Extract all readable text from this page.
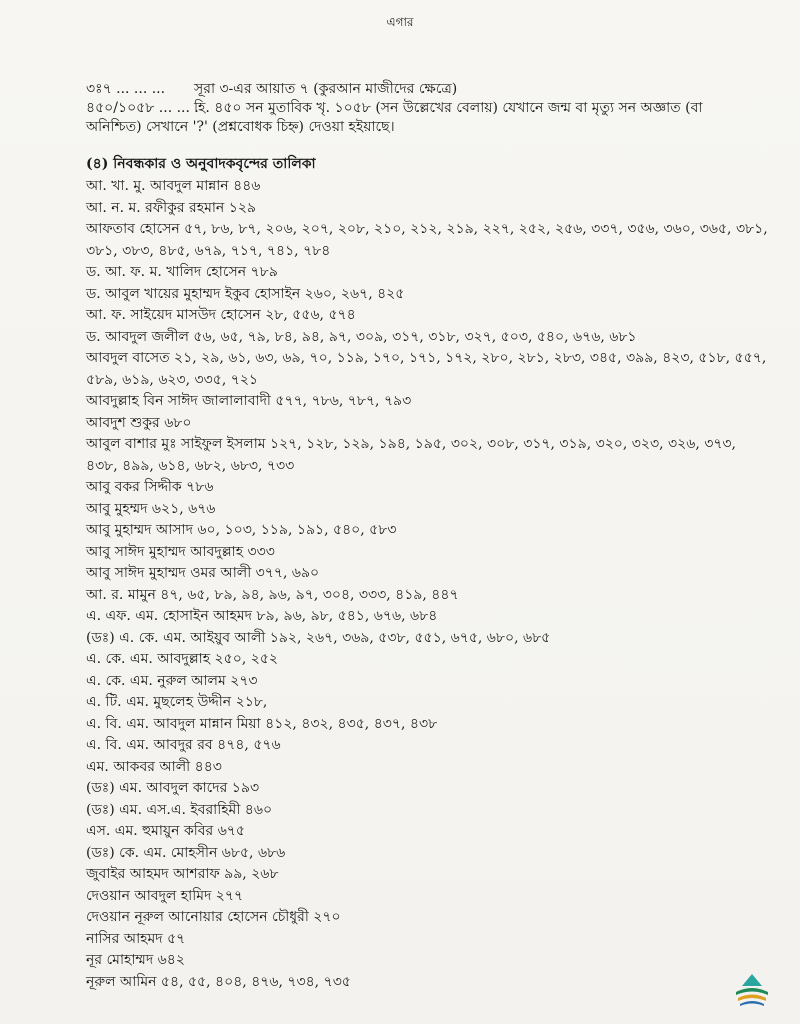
এগার
৩ঃ৭ ... ... ...	সূরা ৩-এর আয়াত ৭ (কুরআন মাজীদের ক্ষেত্রে)
৪৫০/১০৫৮ ... ... .
হি. ৪৫০ সন মুতাবিক খৃ. ১০৫৮ (সন উল্লেখের বেলায়) যেখানে জন্ম বা মৃত্যু সন অজ্ঞাত (বা
অনিশ্চিত) সেখানে '?' (প্রশ্নবোধক চিহ্ন) দেওয়া হইয়াছে।
(৪) নিবন্ধকার ও অনুবাদকবৃন্দের তালিকা
আ. খা. মু. আবদুল মান্নান ৪৪৬
আ. ন. ম. রফীকুর রহমান ১২৯
আফতাব হোসেন ৫৭, ৮৬, ৮৭, ২০৬, ২০৭, ২০৮, ২১০, ২১২, ২১৯, ২২৭, ২৫২, ২৫৬, ৩৩৭, ৩৫৬, ৩৬০, ৩৬৫, ৩৮১,
৩৮১, ৩৮৩, ৪৮৫, ৬৭৯, ৭১৭, ৭৪১, ৭৮৪
ড. আ. ফ. ম. খালিদ হোসেন ৭৮৯
ড. আবুল খায়ের মুহাম্মদ ইকুব হোসাইন ২৬০, ২৬৭, ৪২৫
আ. ফ. সাইয়েদ মাসউদ হোসেন ২৮, ৫৫৬, ৫৭৪
ড. আবদুল জলীল ৫৬, ৬৫, ৭৯, ৮৪, ৯৪, ৯৭, ৩০৯, ৩১৭, ৩১৮, ৩২৭, ৫০৩, ৫৪০, ৬৭৬, ৬৮১
আবদুল বাসেত ২১, ২৯, ৬১, ৬৩, ৬৯, ৭০, ১১৯, ১৭০, ১৭১, ১৭২, ২৮০, ২৮১, ২৮৩, ৩৪৫, ৩৯৯, ৪২৩, ৫১৮, ৫৫৭,
৫৮৯, ৬১৯, ৬২৩, ৩৩৫, ৭২১
আবদুল্লাহ বিন সাঈদ জালালাবাদী ৫৭৭, ৭৮৬, ৭৮৭, ৭৯৩
আবদুশ শুকুর ৬৮০
আবুল বাশার মুঃ সাইফুল ইসলাম ১২৭, ১২৮, ১২৯, ১৯৪, ১৯৫, ৩০২, ৩০৮, ৩১৭, ৩১৯, ৩২০, ৩২৩, ৩২৬, ৩৭৩,
৪৩৮, ৪৯৯, ৬১৪, ৬৮২, ৬৮৩, ৭৩৩
আবু বকর সিদ্দীক ৭৮৬
আবু মুহম্মদ ৬২১, ৬৭৬
আবু মুহাম্মদ আসাদ ৬০, ১০৩, ১১৯, ১৯১, ৫৪০, ৫৮৩
আবু সাঈদ মুহাম্মদ আবদুল্লাহ ৩৩৩
আবু সাঈদ মুহাম্মদ ওমর আলী ৩৭৭, ৬৯০
আ. র. মামুন ৪৭, ৬৫, ৮৯, ৯৪, ৯৬, ৯৭, ৩০৪, ৩৩৩, ৪১৯, ৪৪৭
এ. এফ. এম. হোসাইন আহমদ ৮৯, ৯৬, ৯৮, ৫৪১, ৬৭৬, ৬৮৪
(ডঃ) এ. কে. এম. আইয়ুব আলী ১৯২, ২৬৭, ৩৬৯, ৫৩৮, ৫৫১, ৬৭৫, ৬৮০, ৬৮৫
এ. কে. এম. আবদুল্লাহ ২৫০, ২৫২
এ. কে. এম. নুরুল আলম ২৭৩
এ. টি. এম. মুছলেহ উদ্দীন ২১৮,
এ. বি. এম. আবদুল মান্নান মিয়া ৪১২, ৪৩২, ৪৩৫, ৪৩৭, ৪৩৮
এ. বি. এম. আবদুর রব ৪৭৪, ৫৭৬
এম. আকবর আলী ৪৪৩
(ডঃ) এম. আবদুল কাদের ১৯৩
(ডঃ) এম. এস.এ. ইবরাহিমী ৪৬০
এস. এম. হুমায়ুন কবির ৬৭৫
(ডঃ) কে. এম. মোহসীন ৬৮৫, ৬৮৬
জুবাইর আহমদ আশরাফ ৯৯, ২৬৮
দেওয়ান আবদুল হামিদ ২৭৭
দেওয়ান নূরুল আনোয়ার হোসেন চৌধুরী ২৭০
নাসির আহমদ ৫৭
নূর মোহাম্মদ ৬৪২
নূরুল আমিন ৫৪, ৫৫, ৪০৪, ৪৭৬, ৭৩৪, ৭৩৫
